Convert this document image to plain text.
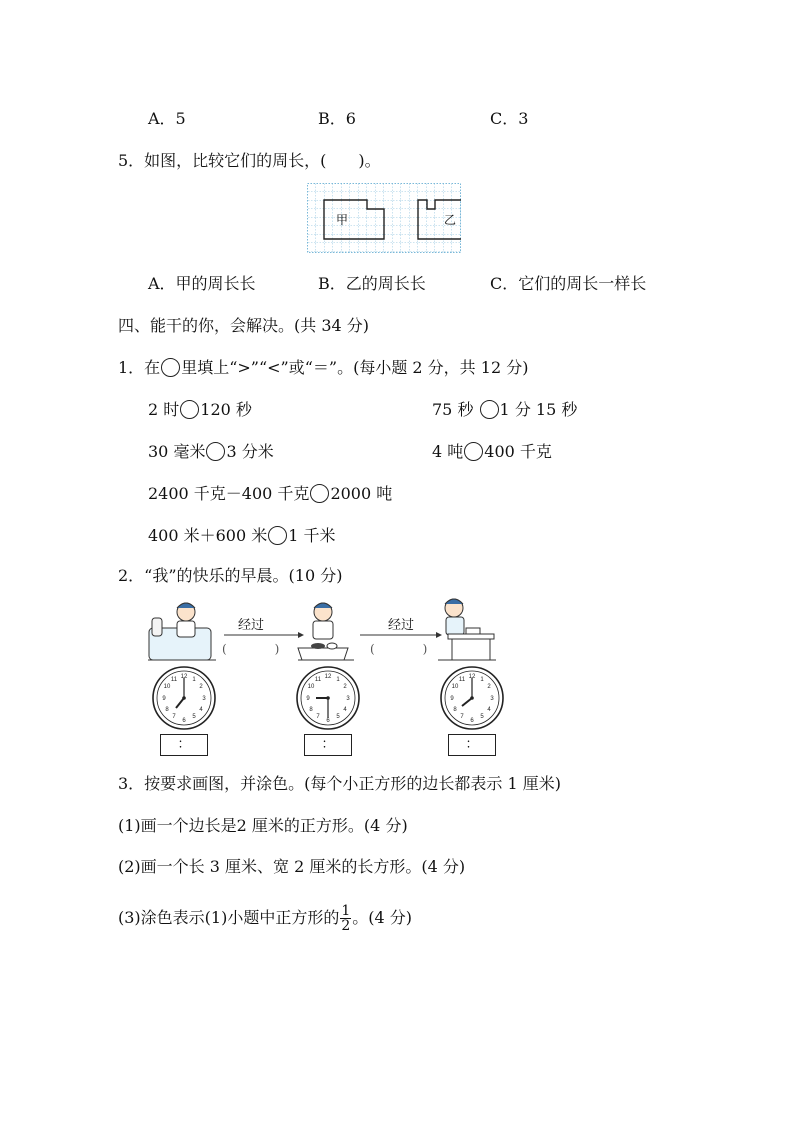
A．5	B．6	C．3
5．如图，比较它们的周长，(　　)。
甲	乙
A．甲的周长长	B．乙的周长长	C．它们的周长一样长
四、能干的你，会解决。(共 34 分)
1．在 里填上“>”“<”或“＝”。(每小题 2 分，共 12 分)
2 时 120 秒	75 秒 1 分 15 秒
30 毫米 3 分米	4 吨 400 千克
2400 千克－400 千克 2000 吨
400 米＋600 米 1 千米
2．“我”的快乐的早晨。(10 分)
经过	经过
(　　　　)	(　　　　)
12 1
2
3
4
5
6
7
8
9
10
11	12 1
2
3
4
5
6
7
8
9
10
11	12 1
2
3
4
5
6
7
8
9
10
11
：	：	：
3．按要求画图，并涂色。(每个小正方形的边长都表示 1 厘米)
(1)画一个边长是2 厘米的正方形。(4 分)
(2)画一个长 3 厘米、宽 2 厘米的长方形。(4 分)
(3)涂色表示(1)小题中正方形的 $\frac{1}{2}$ 。(4 分)
